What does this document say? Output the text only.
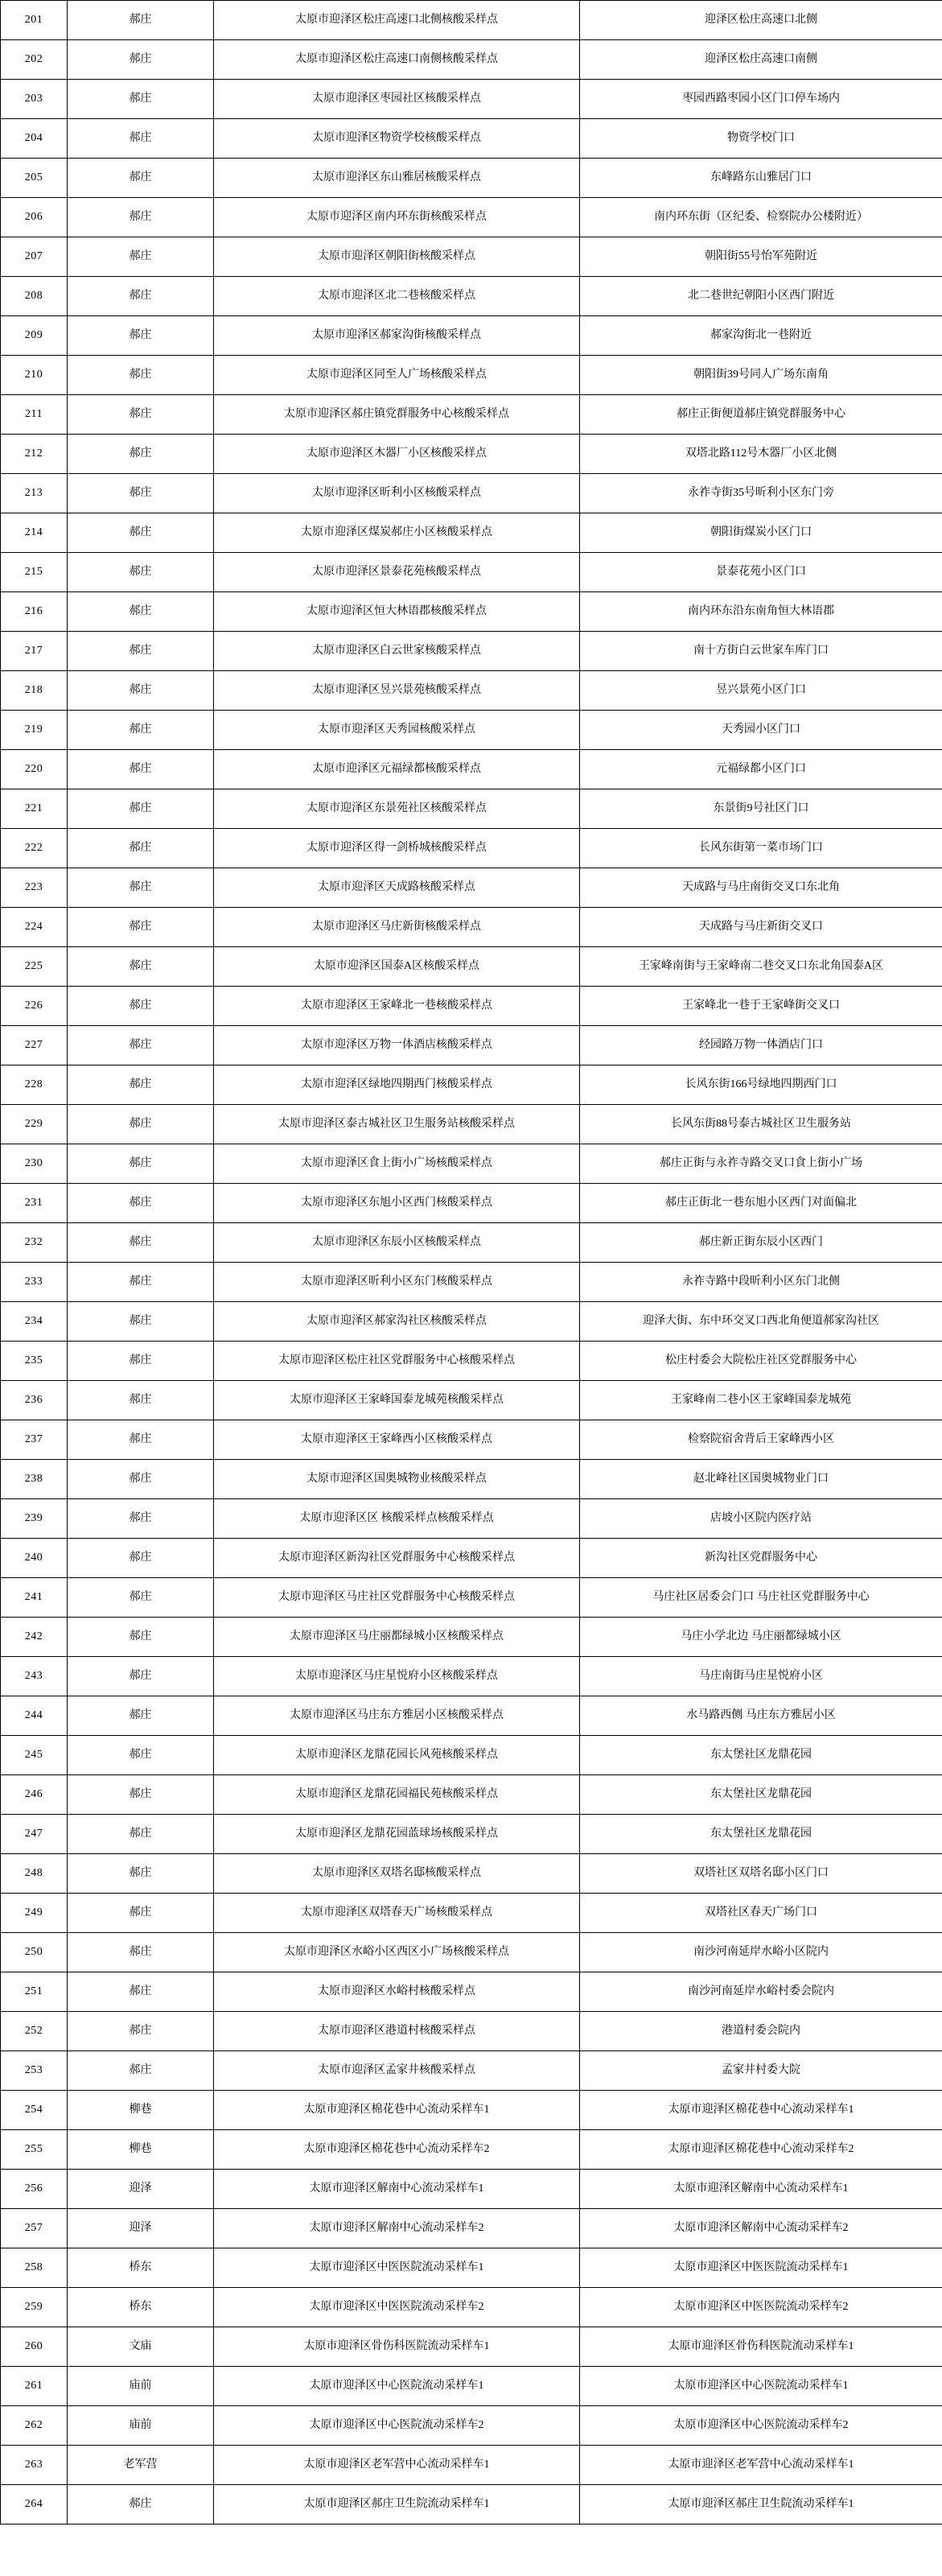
201	郝庄	太原市迎泽区松庄高速口北侧核酸采样点	迎泽区松庄高速口北侧
202	郝庄	太原市迎泽区松庄高速口南侧核酸采样点	迎泽区松庄高速口南侧
203	郝庄	太原市迎泽区枣园社区核酸采样点	枣园西路枣园小区门口停车场内
204	郝庄	太原市迎泽区物资学校核酸采样点	物资学校门口
205	郝庄	太原市迎泽区东山雅居核酸采样点	东峰路东山雅居门口
206	郝庄	太原市迎泽区南内环东街核酸采样点	南内环东街（区纪委、检察院办公楼附近）
207	郝庄	太原市迎泽区朝阳街核酸采样点	朝阳街55号怡军苑附近
208	郝庄	太原市迎泽区北二巷核酸采样点	北二巷世纪朝阳小区西门附近
209	郝庄	太原市迎泽区郝家沟街核酸采样点	郝家沟街北一巷附近
210	郝庄	太原市迎泽区同至人广场核酸采样点	朝阳街39号同人广场东南角
211	郝庄	太原市迎泽区郝庄镇党群服务中心核酸采样点	郝庄正街便道郝庄镇党群服务中心
212	郝庄	太原市迎泽区木器厂小区核酸采样点	双塔北路112号木器厂小区北侧
213	郝庄	太原市迎泽区昕利小区核酸采样点	永祚寺街35号昕利小区东门旁
214	郝庄	太原市迎泽区煤炭郝庄小区核酸采样点	朝阳街煤炭小区门口
215	郝庄	太原市迎泽区景泰花苑核酸采样点	景泰花苑小区门口
216	郝庄	太原市迎泽区恒大林语郡核酸采样点	南内环东沿东南角恒大林语郡
217	郝庄	太原市迎泽区白云世家核酸采样点	南十方街白云世家车库门口
218	郝庄	太原市迎泽区昱兴景苑核酸采样点	昱兴景苑小区门口
219	郝庄	太原市迎泽区天秀园核酸采样点	天秀园小区门口
220	郝庄	太原市迎泽区元福绿都核酸采样点	元福绿都小区门口
221	郝庄	太原市迎泽区东景苑社区核酸采样点	东景街9号社区门口
222	郝庄	太原市迎泽区得一剑桥城核酸采样点	长风东街第一菜市场门口
223	郝庄	太原市迎泽区天成路核酸采样点	天成路与马庄南街交叉口东北角
224	郝庄	太原市迎泽区马庄新街核酸采样点	天成路与马庄新街交叉口
225	郝庄	太原市迎泽区国泰A区核酸采样点	王家峰南街与王家峰南二巷交叉口东北角国泰A区
226	郝庄	太原市迎泽区王家峰北一巷核酸采样点	王家峰北一巷于王家峰街交叉口
227	郝庄	太原市迎泽区万物一体酒店核酸采样点	经园路万物一体酒店门口
228	郝庄	太原市迎泽区绿地四期西门核酸采样点	长风东街166号绿地四期西门口
229	郝庄	太原市迎泽区泰古城社区卫生服务站核酸采样点	长风东街88号泰古城社区卫生服务站
230	郝庄	太原市迎泽区食上街小广场核酸采样点	郝庄正街与永祚寺路交叉口食上街小广场
231	郝庄	太原市迎泽区东旭小区西门核酸采样点	郝庄正街北一巷东旭小区西门对面偏北
232	郝庄	太原市迎泽区东辰小区核酸采样点	郝庄新正街东辰小区西门
233	郝庄	太原市迎泽区昕利小区东门核酸采样点	永祚寺路中段昕利小区东门北侧
234	郝庄	太原市迎泽区郝家沟社区核酸采样点	迎泽大街、东中环交叉口西北角便道郝家沟社区
235	郝庄	太原市迎泽区松庄社区党群服务中心核酸采样点	松庄村委会大院松庄社区党群服务中心
236	郝庄	太原市迎泽区王家峰国泰龙城苑核酸采样点	王家峰南二巷小区王家峰国泰龙城苑
237	郝庄	太原市迎泽区王家峰西小区核酸采样点	检察院宿舍背后王家峰西小区
238	郝庄	太原市迎泽区国奥城物业核酸采样点	赵北峰社区国奥城物业门口
239	郝庄	太原市迎泽区区 核酸采样点核酸采样点	店坡小区院内医疗站
240	郝庄	太原市迎泽区新沟社区党群服务中心核酸采样点	新沟社区党群服务中心
241	郝庄	太原市迎泽区马庄社区党群服务中心核酸采样点	马庄社区居委会门口 马庄社区党群服务中心
242	郝庄	太原市迎泽区马庄丽都绿城小区核酸采样点	马庄小学北边 马庄丽都绿城小区
243	郝庄	太原市迎泽区马庄星悦府小区核酸采样点	马庄南街马庄星悦府小区
244	郝庄	太原市迎泽区马庄东方雅居小区核酸采样点	水马路西侧 马庄东方雅居小区
245	郝庄	太原市迎泽区龙鼎花园长风苑核酸采样点	东太堡社区龙鼎花园
246	郝庄	太原市迎泽区龙鼎花园福民苑核酸采样点	东太堡社区龙鼎花园
247	郝庄	太原市迎泽区龙鼎花园蓝球场核酸采样点	东太堡社区龙鼎花园
248	郝庄	太原市迎泽区双塔名邸核酸采样点	双塔社区双塔名邸小区门口
249	郝庄	太原市迎泽区双塔春天广场核酸采样点	双塔社区春天广场门口
250	郝庄	太原市迎泽区水峪小区西区小广场核酸采样点	南沙河南延岸水峪小区院内
251	郝庄	太原市迎泽区水峪村核酸采样点	南沙河南延岸水峪村委会院内
252	郝庄	太原市迎泽区港道村核酸采样点	港道村委会院内
253	郝庄	太原市迎泽区孟家井核酸采样点	孟家井村委大院
254	柳巷	太原市迎泽区棉花巷中心流动采样车1	太原市迎泽区棉花巷中心流动采样车1
255	柳巷	太原市迎泽区棉花巷中心流动采样车2	太原市迎泽区棉花巷中心流动采样车2
256	迎泽	太原市迎泽区解南中心流动采样车1	太原市迎泽区解南中心流动采样车1
257	迎泽	太原市迎泽区解南中心流动采样车2	太原市迎泽区解南中心流动采样车2
258	桥东	太原市迎泽区中医医院流动采样车1	太原市迎泽区中医医院流动采样车1
259	桥东	太原市迎泽区中医医院流动采样车2	太原市迎泽区中医医院流动采样车2
260	文庙	太原市迎泽区骨伤科医院流动采样车1	太原市迎泽区骨伤科医院流动采样车1
261	庙前	太原市迎泽区中心医院流动采样车1	太原市迎泽区中心医院流动采样车1
262	庙前	太原市迎泽区中心医院流动采样车2	太原市迎泽区中心医院流动采样车2
263	老军营	太原市迎泽区老军营中心流动采样车1	太原市迎泽区老军营中心流动采样车1
264	郝庄	太原市迎泽区郝庄卫生院流动采样车1	太原市迎泽区郝庄卫生院流动采样车1
